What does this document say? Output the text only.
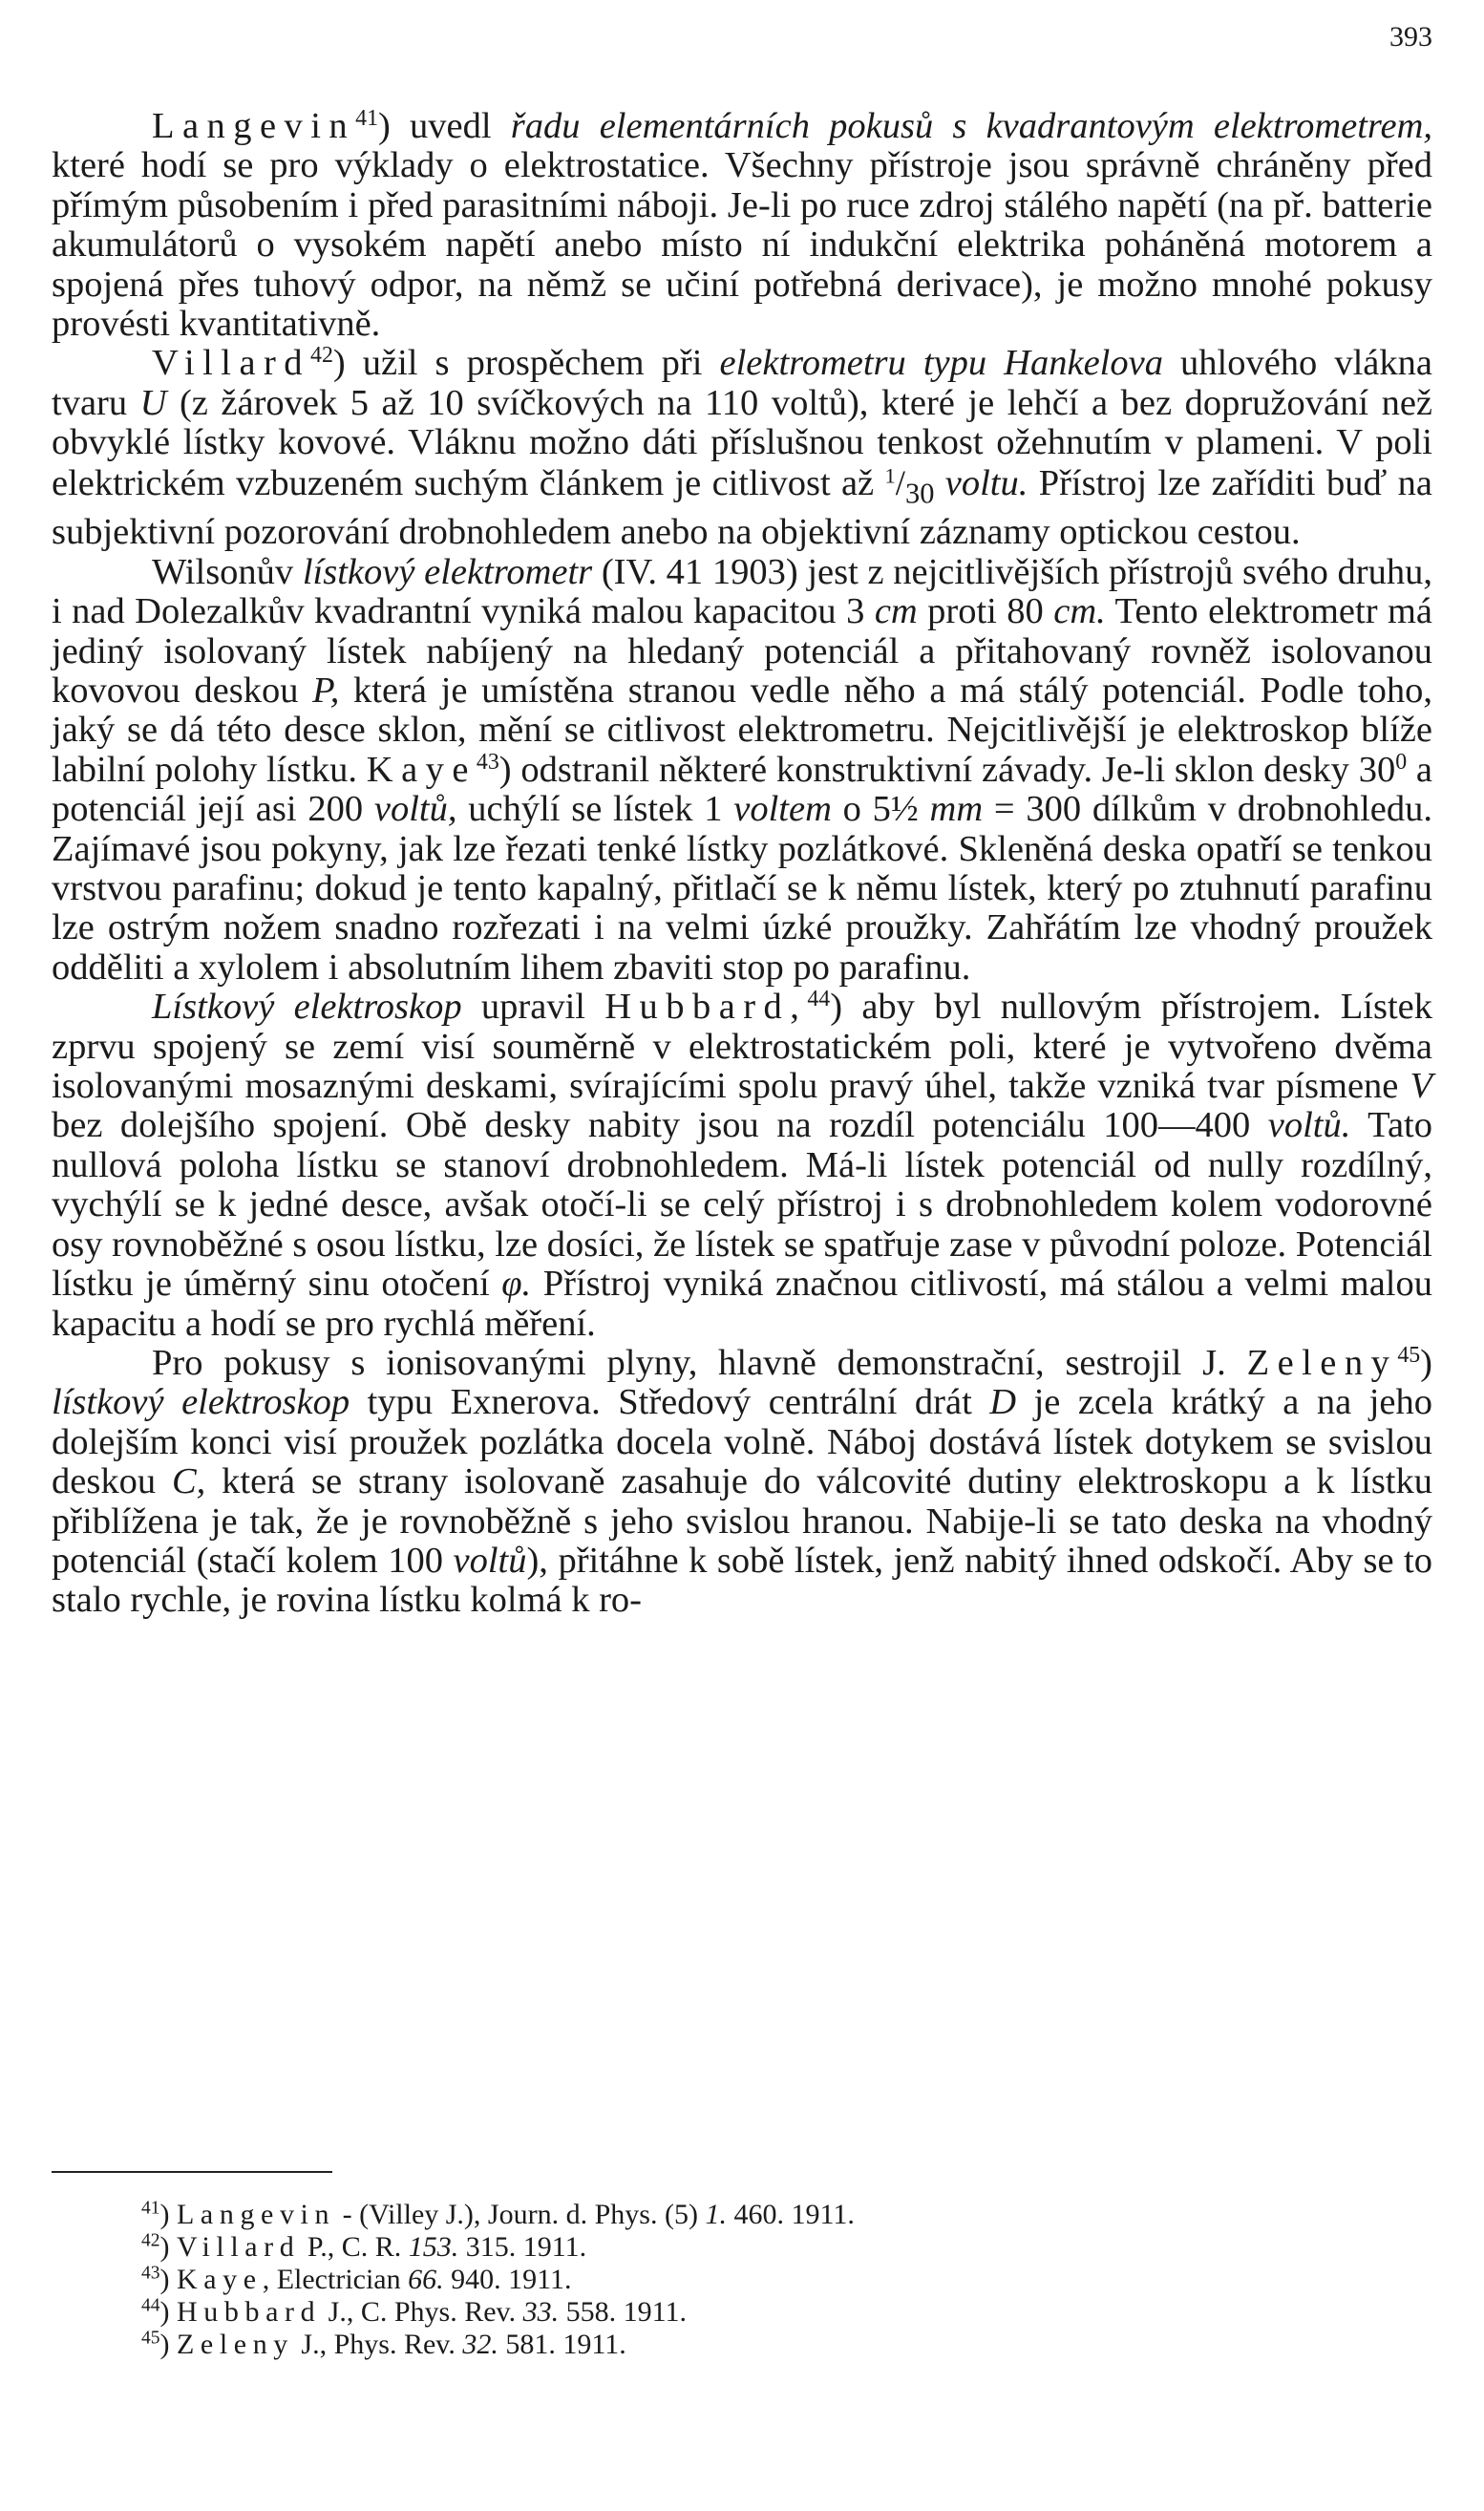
393

Langevin$^{41}$) uvedl řadu elementárních pokusů s kvadrantovým elektrometrem, které hodí se pro výklady o elektrostatice. Všechny přístroje jsou správně chráněny před přímým působením i před parasitními náboji. Je-li po ruce zdroj stálého napětí (na př. batterie akumulátorů o vysokém napětí anebo místo ní indukční elektrika poháněná motorem a spojená přes tuhový odpor, na němž se učiní potřebná derivace), je možno mnohé pokusy provésti kvantitativně.

Villard$^{42}$) užil s prospěchem při elektrometru typu Hankelova uhlového vlákna tvaru U (z žárovek 5 až 10 svíčkových na 110 voltů), které je lehčí a bez dopružování než obvyklé lístky kovové. Vláknu možno dáti příslušnou tenkost ožehnutím v plameni. V poli elektrickém vzbuzeném suchým článkem je citlivost až $^1/_{30}$ voltu. Přístroj lze zaříditi buď na subjektivní pozorování drobnohledem anebo na objektivní záznamy optickou cestou.

Wilsonův lístkový elektrometr (IV. 41 1903) jest z nejcitlivějších přístrojů svého druhu, i nad Dolezalkův kvadrantní vyniká malou kapacitou 3 cm proti 80 cm. Tento elektrometr má jediný isolovaný lístek nabíjený na hledaný potenciál a přitahovaný rovněž isolovanou kovovou deskou P, která je umístěna stranou vedle něho a má stálý potenciál. Podle toho, jaký se dá této desce sklon, mění se citlivost elektrometru. Nejcitlivější je elektroskop blíže labilní polohy lístku. Kaye$^{43}$) odstranil některé konstruktivní závady. Je-li sklon desky $30^0$ a potenciál její asi 200 voltů, uchýlí se lístek 1 voltem o 5½ mm = 300 dílkům v drobnohledu. Zajímavé jsou pokyny, jak lze řezati tenké lístky pozlátkové. Skleněná deska opatří se tenkou vrstvou parafinu; dokud je tento kapalný, přitlačí se k němu lístek, který po ztuhnutí parafinu lze ostrým nožem snadno rozřezati i na velmi úzké proužky. Zahřátím lze vhodný proužek odděliti a xylolem i absolutním lihem zbaviti stop po parafinu.

Lístkový elektroskop upravil Hubbard,$^{44}$) aby byl nullovým přístrojem. Lístek zprvu spojený se zemí visí souměrně v elektrostatickém poli, které je vytvořeno dvěma isolovanými mosaznými deskami, svírajícími spolu pravý úhel, takže vzniká tvar písmene V bez dolejšího spojení. Obě desky nabity jsou na rozdíl potenciálu 100—400 voltů. Tato nullová poloha lístku se stanoví drobnohledem. Má-li lístek potenciál od nully rozdílný, vychýlí se k jedné desce, avšak otočí-li se celý přístroj i s drobnohledem kolem vodorovné osy rovnoběžné s osou lístku, lze dosíci, že lístek se spatřuje zase v původní poloze. Potenciál lístku je úměrný sinu otočení φ. Přístroj vyniká značnou citlivostí, má stálou a velmi malou kapacitu a hodí se pro rychlá měření.

Pro pokusy s ionisovanými plyny, hlavně demonstrační, sestrojil J. Zeleny$^{45}$) lístkový elektroskop typu Exnerova. Středový centrální drát D je zcela krátký a na jeho dolejším konci visí proužek pozlátka docela volně. Náboj dostává lístek dotykem se svislou deskou C, která se strany isolovaně zasahuje do válcovité dutiny elektroskopu a k lístku přiblížena je tak, že je rovnoběžně s jeho svislou hranou. Nabije-li se tato deska na vhodný potenciál (stačí kolem 100 voltů), přitáhne k sobě lístek, jenž nabitý ihned odskočí. Aby se to stalo rychle, je rovina lístku kolmá k ro-

$^{41}$) Langevin - (Villey J.), Journ. d. Phys. (5) 1. 460. 1911.
$^{42}$) Villard P., C. R. 153. 315. 1911.
$^{43}$) Kaye, Electrician 66. 940. 1911.
$^{44}$) Hubbard J., C. Phys. Rev. 33. 558. 1911.
$^{45}$) Zeleny J., Phys. Rev. 32. 581. 1911.
